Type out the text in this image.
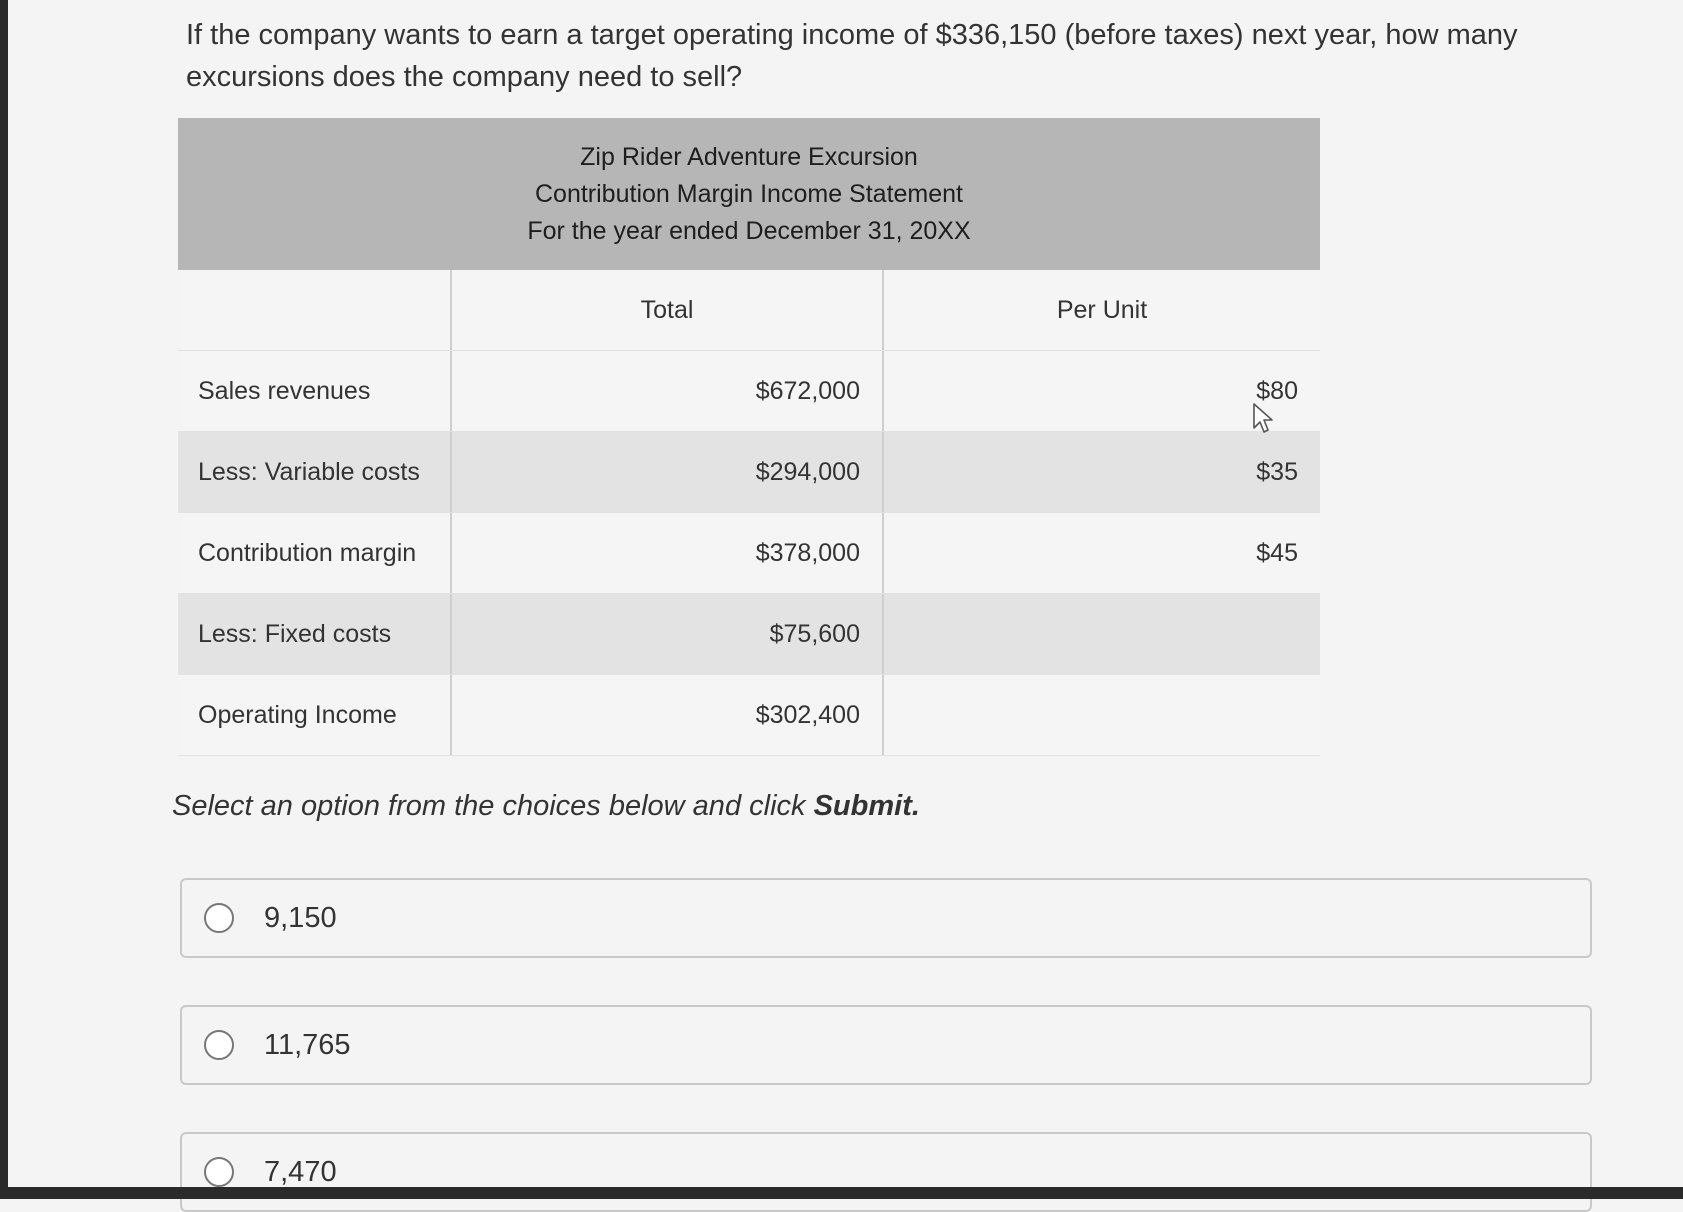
If the company wants to earn a target operating income of $336,150 (before taxes) next year, how many excursions does the company need to sell?
Zip Rider Adventure Excursion
Contribution Margin Income Statement
For the year ended December 31, 20XX
Total	Per Unit
Sales revenues	$672,000	$80
Less: Variable costs	$294,000	$35
Contribution margin	$378,000	$45
Less: Fixed costs	$75,600
Operating Income	$302,400
Select an option from the choices below and click Submit.
9,150
11,765
7,470
